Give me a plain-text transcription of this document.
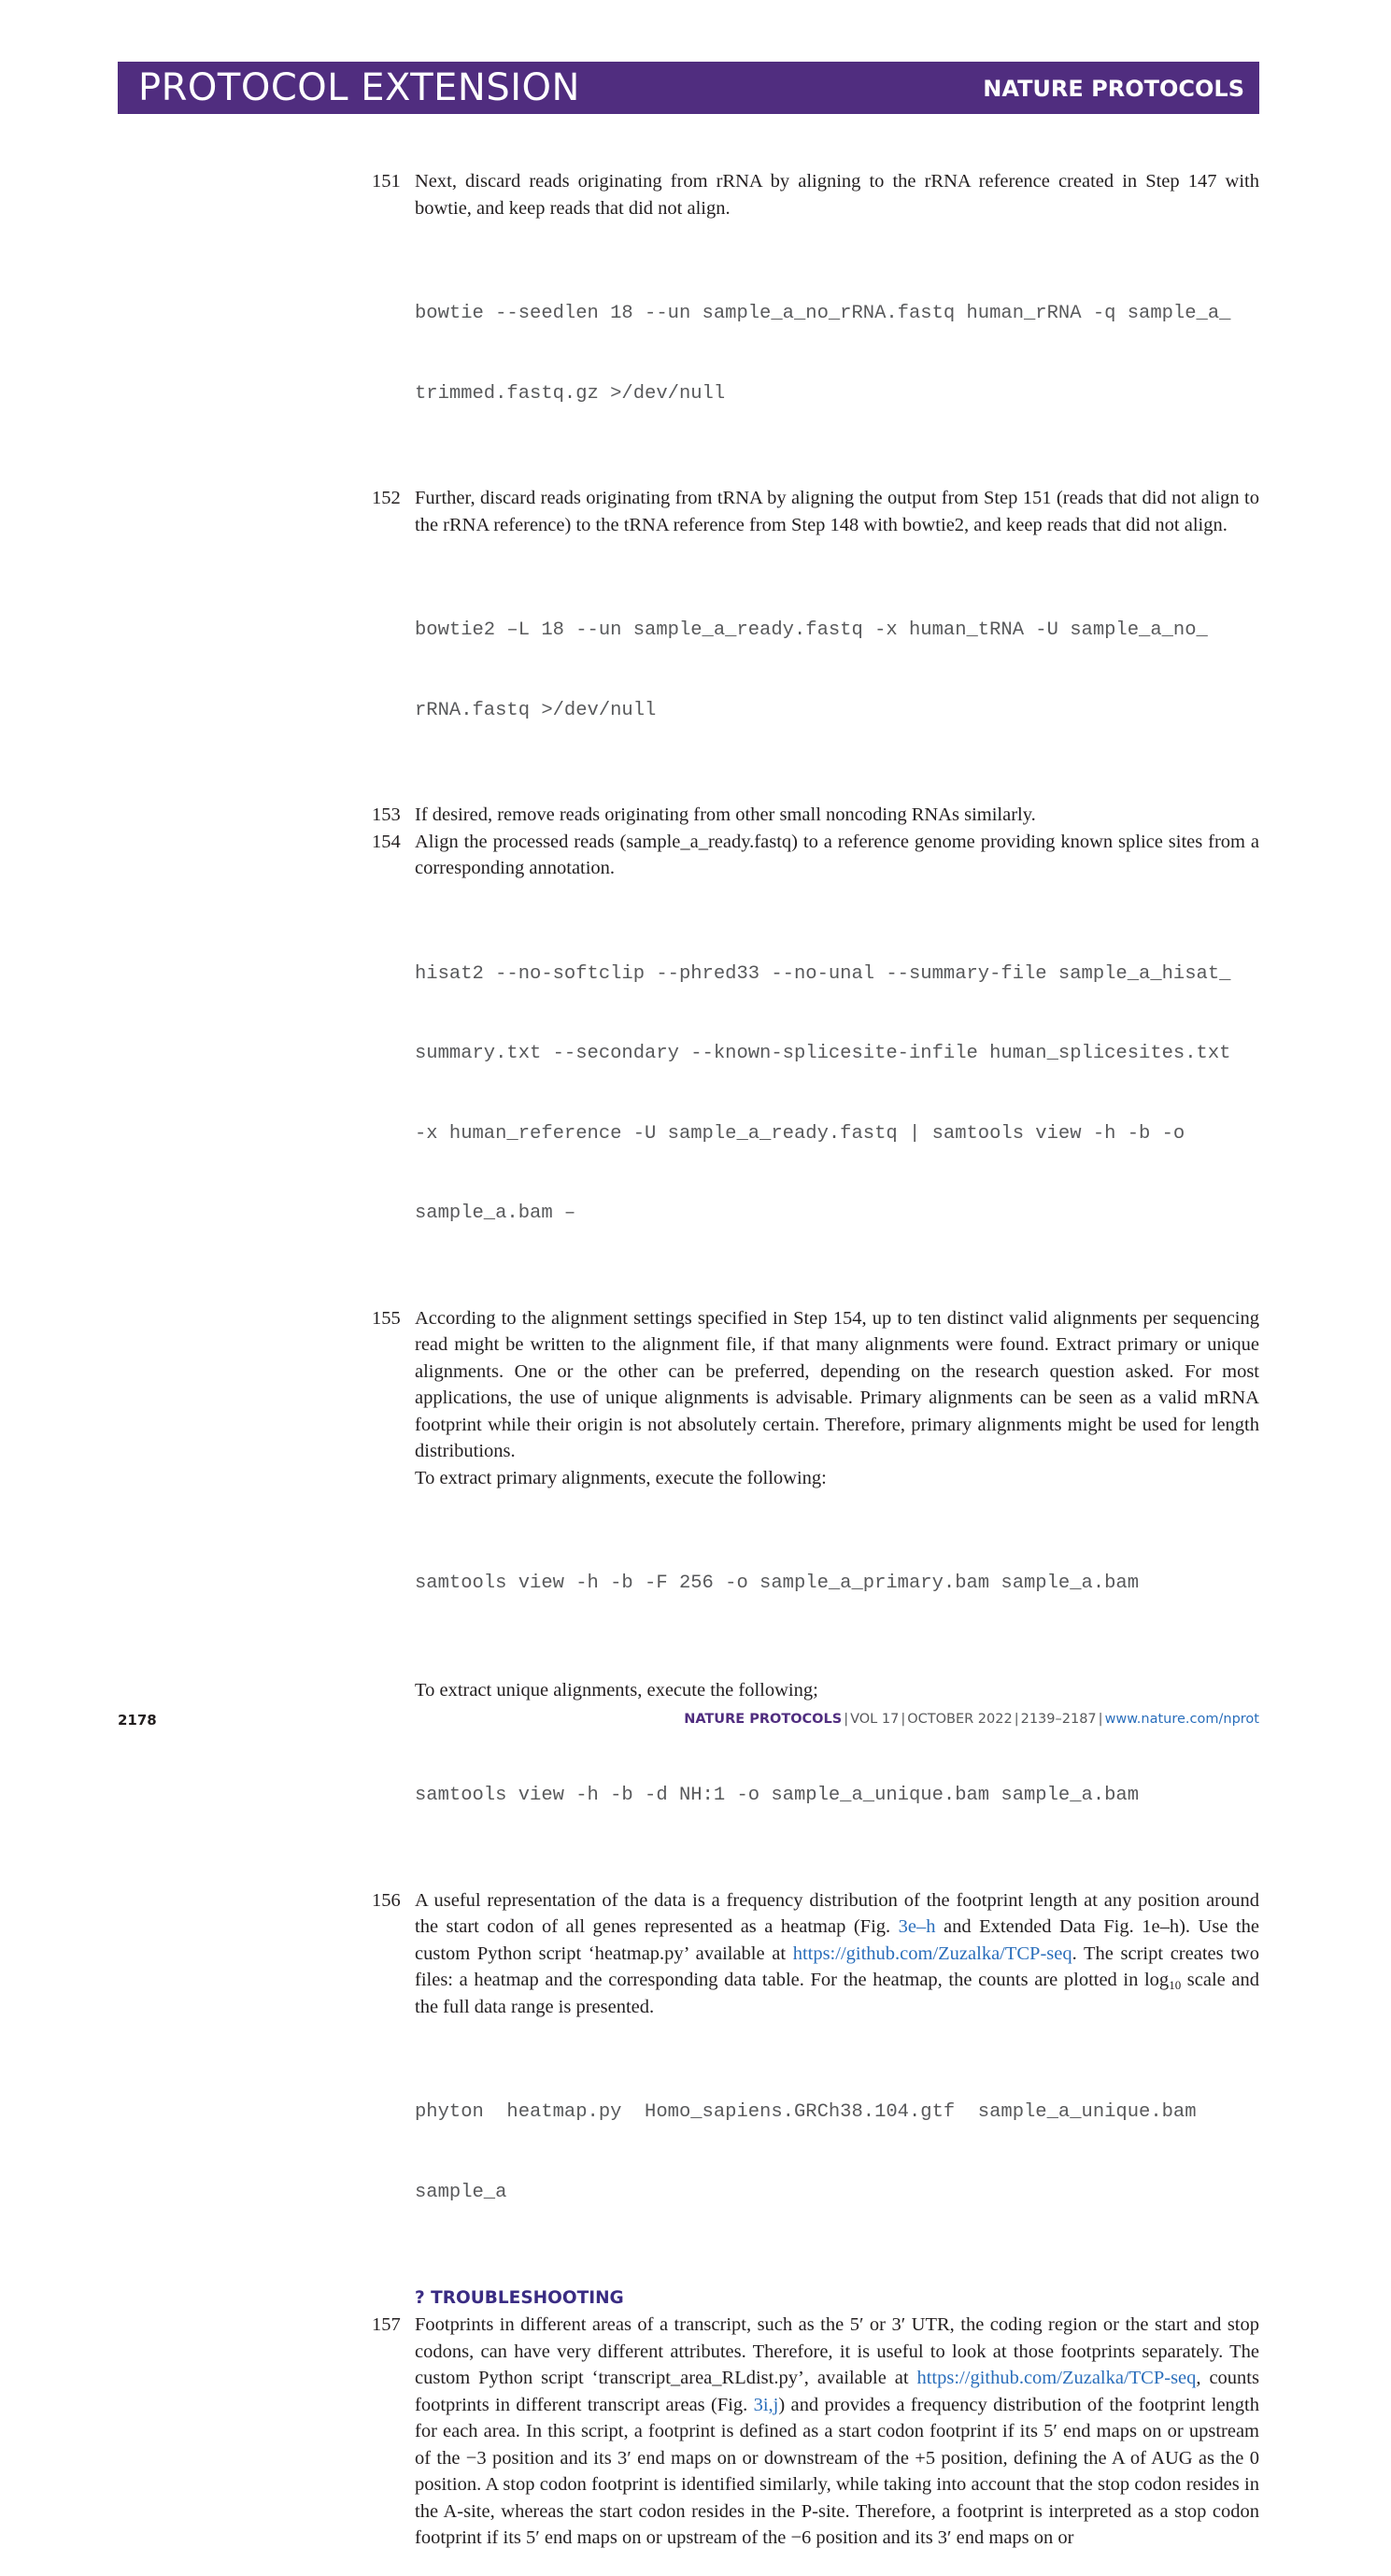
PROTOCOL EXTENSION	NATURE PROTOCOLS
151 Next, discard reads originating from rRNA by aligning to the rRNA reference created in Step 147 with bowtie, and keep reads that did not align.

bowtie --seedlen 18 --un sample_a_no_rRNA.fastq human_rRNA -q sample_a_

trimmed.fastq.gz >/dev/null

152 Further, discard reads originating from tRNA by aligning the output from Step 151 (reads that did not align to the rRNA reference) to the tRNA reference from Step 148 with bowtie2, and keep reads that did not align.

bowtie2 –L 18 --un sample_a_ready.fastq -x human_tRNA -U sample_a_no_

rRNA.fastq >/dev/null

153 If desired, remove reads originating from other small noncoding RNAs similarly.

154 Align the processed reads (sample_a_ready.fastq) to a reference genome providing known splice sites from a corresponding annotation.

hisat2 --no-softclip --phred33 --no-unal --summary-file sample_a_hisat_

summary.txt --secondary --known-splicesite-infile human_splicesites.txt

-x human_reference -U sample_a_ready.fastq | samtools view -h -b -o

sample_a.bam –

155 According to the alignment settings specified in Step 154, up to ten distinct valid alignments per sequencing read might be written to the alignment file, if that many alignments were found. Extract primary or unique alignments. One or the other can be preferred, depending on the research question asked. For most applications, the use of unique alignments is advisable. Primary alignments can be seen as a valid mRNA footprint while their origin is not absolutely certain. Therefore, primary alignments might be used for length distributions.

To extract primary alignments, execute the following:

samtools view -h -b -F 256 -o sample_a_primary.bam sample_a.bam

To extract unique alignments, execute the following;

samtools view -h -b -d NH:1 -o sample_a_unique.bam sample_a.bam

156 A useful representation of the data is a frequency distribution of the footprint length at any position around the start codon of all genes represented as a heatmap (Fig. 3e–h and Extended Data Fig. 1e–h). Use the custom Python script ‘heatmap.py’ available at https://github.com/Zuzalka/TCP-seq. The script creates two files: a heatmap and the corresponding data table. For the heatmap, the counts are plotted in $\log_{10}$ scale and the full data range is presented.

phyton  heatmap.py  Homo_sapiens.GRCh38.104.gtf  sample_a_unique.bam

sample_a

? TROUBLESHOOTING
157 Footprints in different areas of a transcript, such as the 5′ or 3′ UTR, the coding region or the start and stop codons, can have very different attributes. Therefore, it is useful to look at those footprints separately. The custom Python script ‘transcript_area_RLdist.py’, available at https://github.com/Zuzalka/TCP-seq, counts footprints in different transcript areas (Fig. 3i,j) and provides a frequency distribution of the footprint length for each area. In this script, a footprint is defined as a start codon footprint if its 5′ end maps on or upstream of the −3 position and its 3′ end maps on or downstream of the +5 position, defining the A of AUG as the 0 position. A stop codon footprint is identified similarly, while taking into account that the stop codon resides in the A-site, whereas the start codon resides in the P-site. Therefore, a footprint is interpreted as a stop codon footprint if its 5′ end maps on or upstream of the −6 position and its 3′ end maps on or

2178	NATURE PROTOCOLS | VOL 17 | OCTOBER 2022 | 2139–2187 | www.nature.com/nprot
